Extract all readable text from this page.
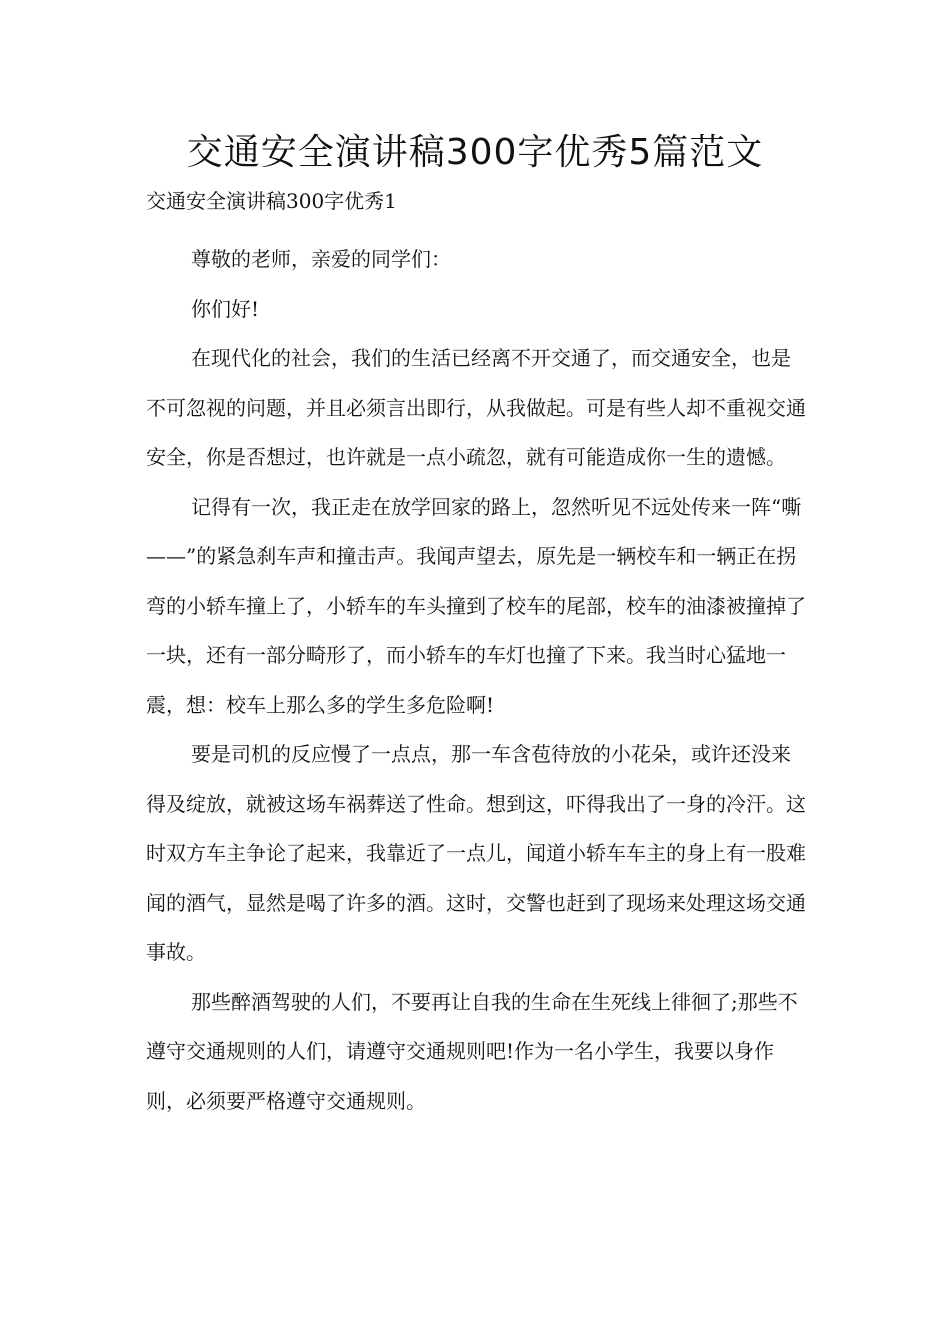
交通安全演讲稿300字优秀5篇范文

交通安全演讲稿300字优秀1

尊敬的老师，亲爱的同学们：

你们好!

在现代化的社会，我们的生活已经离不开交通了，而交通安全，也是不可忽视的问题，并且必须言出即行，从我做起。可是有些人却不重视交通安全，你是否想过，也许就是一点小疏忽，就有可能造成你一生的遗憾。

记得有一次，我正走在放学回家的路上，忽然听见不远处传来一阵“嘶——”的紧急刹车声和撞击声。我闻声望去，原先是一辆校车和一辆正在拐弯的小轿车撞上了，小轿车的车头撞到了校车的尾部，校车的油漆被撞掉了一块，还有一部分畸形了，而小轿车的车灯也撞了下来。我当时心猛地一震，想：校车上那么多的学生多危险啊!

要是司机的反应慢了一点点，那一车含苞待放的小花朵，或许还没来得及绽放，就被这场车祸葬送了性命。想到这，吓得我出了一身的冷汗。这时双方车主争论了起来，我靠近了一点儿，闻道小轿车车主的身上有一股难闻的酒气，显然是喝了许多的酒。这时，交警也赶到了现场来处理这场交通事故。

那些醉酒驾驶的人们，不要再让自我的生命在生死线上徘徊了;那些不遵守交通规则的人们，请遵守交通规则吧!作为一名小学生，我要以身作则，必须要严格遵守交通规则。
